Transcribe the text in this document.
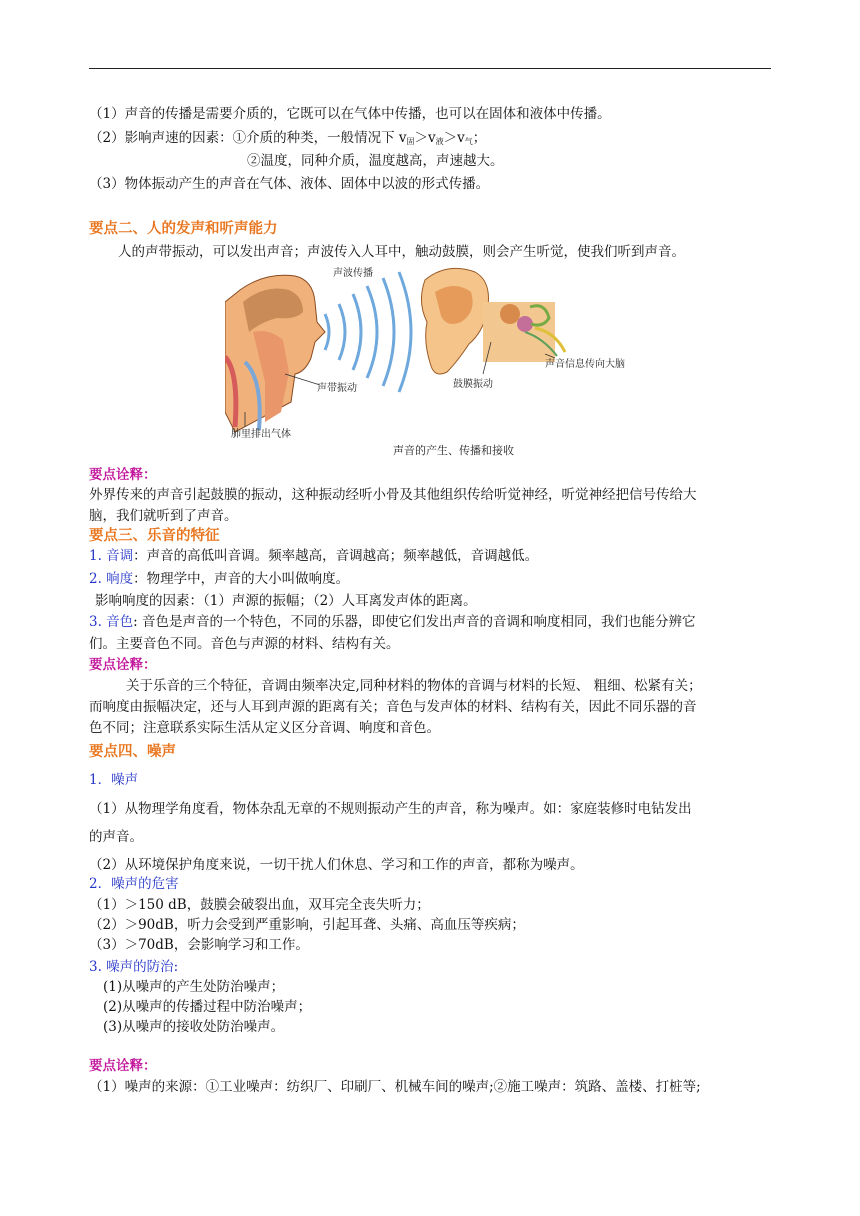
（1）声音的传播是需要介质的，它既可以在气体中传播，也可以在固体和液体中传播。
（2）影响声速的因素：①介质的种类，一般情况下 $v_固>v_液>v_气$；
②温度，同种介质，温度越高，声速越大。
（3）物体振动产生的声音在气体、液体、固体中以波的形式传播。
要点二、人的发声和听声能力
人的声带振动，可以发出声音；声波传入人耳中，触动鼓膜，则会产生听觉，使我们听到声音。
声波传播
声带振动
肺里排出气体
鼓膜振动
声音信息传向大脑
声音的产生、传播和接收
要点诠释：
外界传来的声音引起鼓膜的振动，这种振动经听小骨及其他组织传给听觉神经，听觉神经把信号传给大
脑，我们就听到了声音。
要点三、乐音的特征
1. 音调：声音的高低叫音调。频率越高，音调越高；频率越低，音调越低。
2. 响度：物理学中，声音的大小叫做响度。
影响响度的因素：（1）声源的振幅；（2）人耳离发声体的距离。
3. 音色: 音色是声音的一个特色，不同的乐器，即使它们发出声音的音调和响度相同，我们也能分辨它
们。主要音色不同。音色与声源的材料、结构有关。
要点诠释：
关于乐音的三个特征，音调由频率决定,同种材料的物体的音调与材料的长短、 粗细、松紧有关；
而响度由振幅决定，还与人耳到声源的距离有关；音色与发声体的材料、结构有关，因此不同乐器的音
色不同；注意联系实际生活从定义区分音调、响度和音色。
要点四、噪声
1．噪声
（1）从物理学角度看，物体杂乱无章的不规则振动产生的声音，称为噪声。如：家庭装修时电钻发出
的声音。
（2）从环境保护角度来说，一切干扰人们休息、学习和工作的声音，都称为噪声。
2．噪声的危害
（1）＞150 dB，鼓膜会破裂出血，双耳完全丧失听力；
（2）＞90dB，听力会受到严重影响，引起耳聋、头痛、高血压等疾病；
（3）＞70dB，会影响学习和工作。
3. 噪声的防治:
(1)从噪声的产生处防治噪声；
(2)从噪声的传播过程中防治噪声；
(3)从噪声的接收处防治噪声。
要点诠释：
（1）噪声的来源：①工业噪声：纺织厂、印刷厂、机械车间的噪声;②施工噪声：筑路、盖楼、打桩等;
